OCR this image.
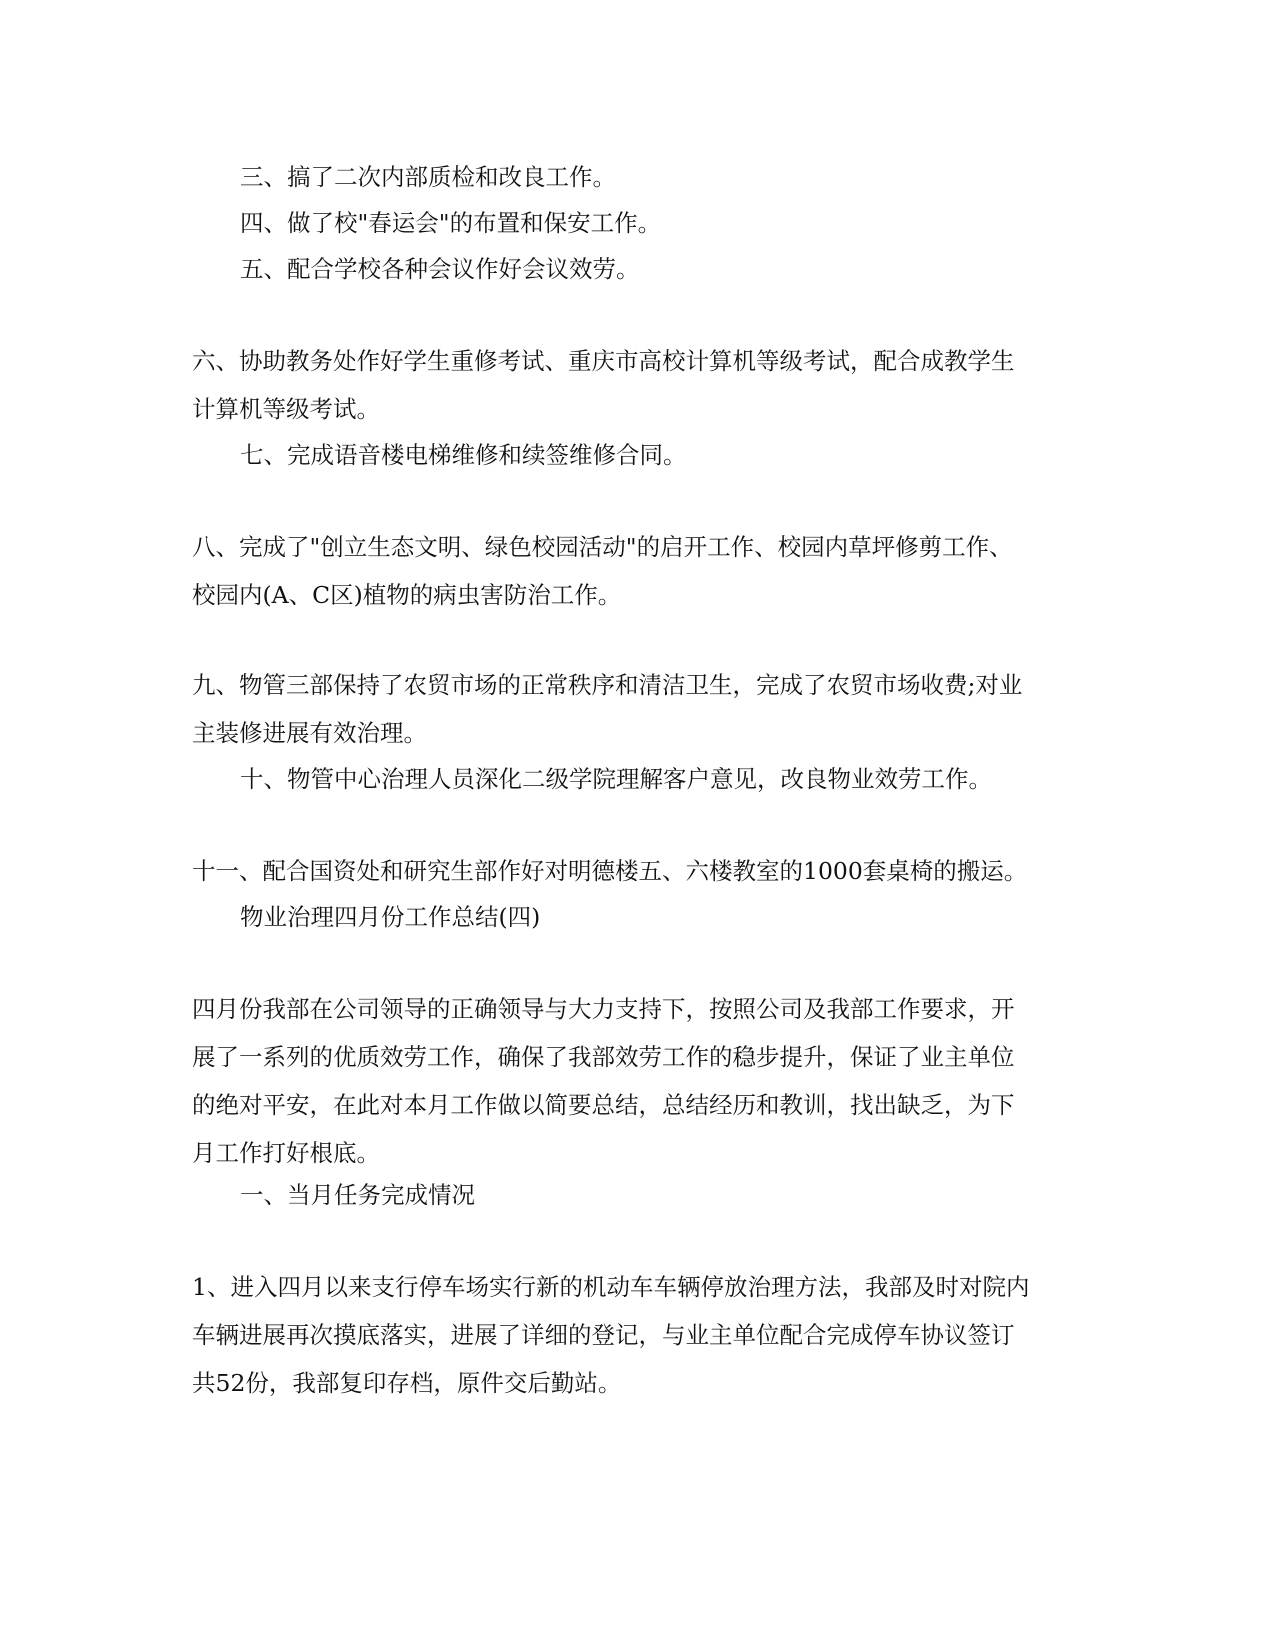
三、搞了二次内部质检和改良工作。

四、做了校"春运会"的布置和保安工作。

五、配合学校各种会议作好会议效劳。

六、协助教务处作好学生重修考试、重庆市高校计算机等级考试，配合成教学生
计算机等级考试。

七、完成语音楼电梯维修和续签维修合同。

八、完成了"创立生态文明、绿色校园活动"的启开工作、校园内草坪修剪工作、
校园内(A、C区)植物的病虫害防治工作。

九、物管三部保持了农贸市场的正常秩序和清洁卫生，完成了农贸市场收费;对业
主装修进展有效治理。

十、物管中心治理人员深化二级学院理解客户意见，改良物业效劳工作。

十一、配合国资处和研究生部作好对明德楼五、六楼教室的1000套桌椅的搬运。

物业治理四月份工作总结(四)

四月份我部在公司领导的正确领导与大力支持下，按照公司及我部工作要求，开
展了一系列的优质效劳工作，确保了我部效劳工作的稳步提升，保证了业主单位
的绝对平安，在此对本月工作做以简要总结，总结经历和教训，找出缺乏，为下
月工作打好根底。

一、当月任务完成情况

1、进入四月以来支行停车场实行新的机动车车辆停放治理方法，我部及时对院内
车辆进展再次摸底落实，进展了详细的登记，与业主单位配合完成停车协议签订
共52份，我部复印存档，原件交后勤站。
